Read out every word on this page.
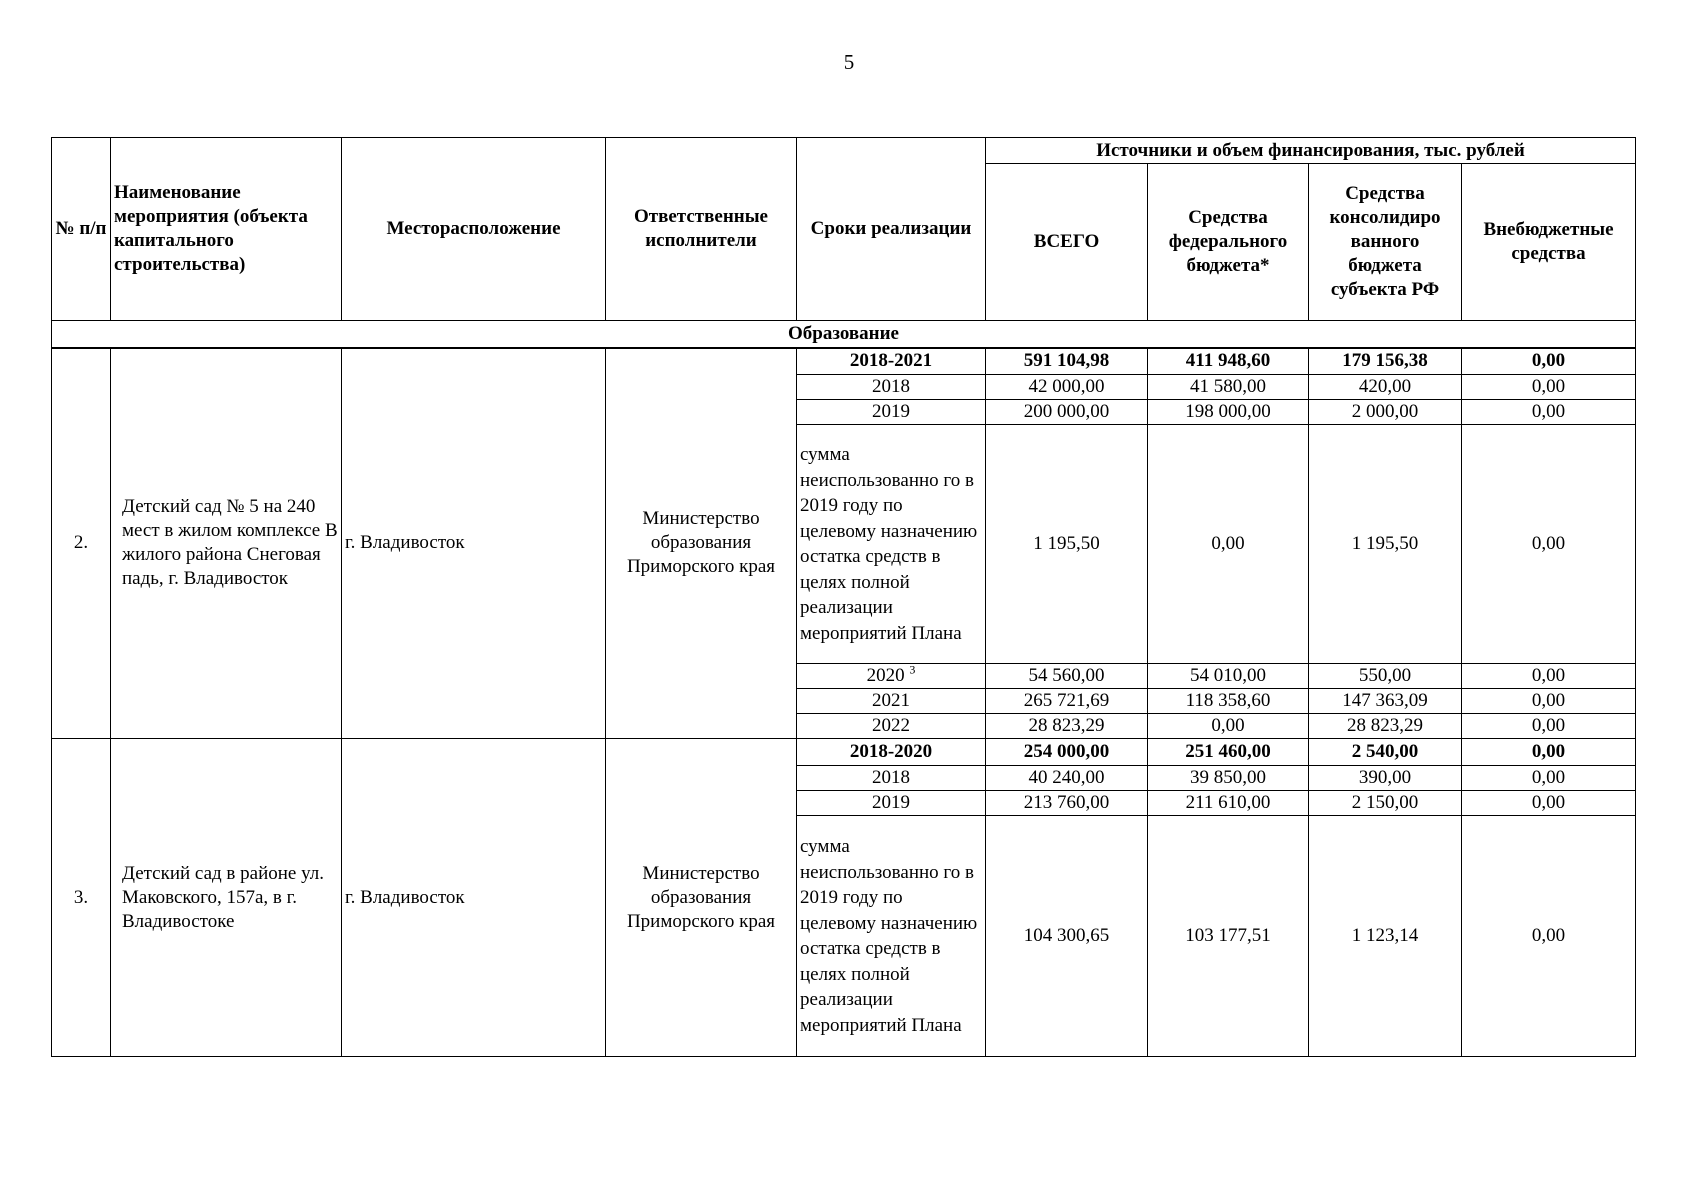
5
№ п/п	Наименование мероприятия (объекта капитального строительства)	Месторасположение	Ответственные исполнители	Сроки реализации	Источники и объем финансирования, тыс. рублей			
					ВСЕГО	Средства федерального бюджета*	Средства консолидиро ванного бюджета субъекта РФ	Внебюджетные средства
Образование								
2.	Детский сад № 5 на 240 мест в жилом комплексе В жилого района Снеговая падь, г. Владивосток	г. Владивосток	Министерство образования Приморского края	2018-2021	591 104,98	411 948,60	179 156,38	0,00
				2018	42 000,00	41 580,00	420,00	0,00
				2019	200 000,00	198 000,00	2 000,00	0,00
				сумма неиспользованно го в 2019 году по целевому назначению остатка средств в целях полной реализации мероприятий Плана	1 195,50	0,00	1 195,50	0,00
				2020 $^3$	54 560,00	54 010,00	550,00	0,00
				2021	265 721,69	118 358,60	147 363,09	0,00
				2022	28 823,29	0,00	28 823,29	0,00
3.	Детский сад в районе ул. Маковского, 157а, в г. Владивостоке	г. Владивосток	Министерство образования Приморского края	2018-2020	254 000,00	251 460,00	2 540,00	0,00
				2018	40 240,00	39 850,00	390,00	0,00
				2019	213 760,00	211 610,00	2 150,00	0,00
				сумма неиспользованно го в 2019 году по целевому назначению остатка средств в целях полной реализации мероприятий Плана	104 300,65	103 177,51	1 123,14	0,00
